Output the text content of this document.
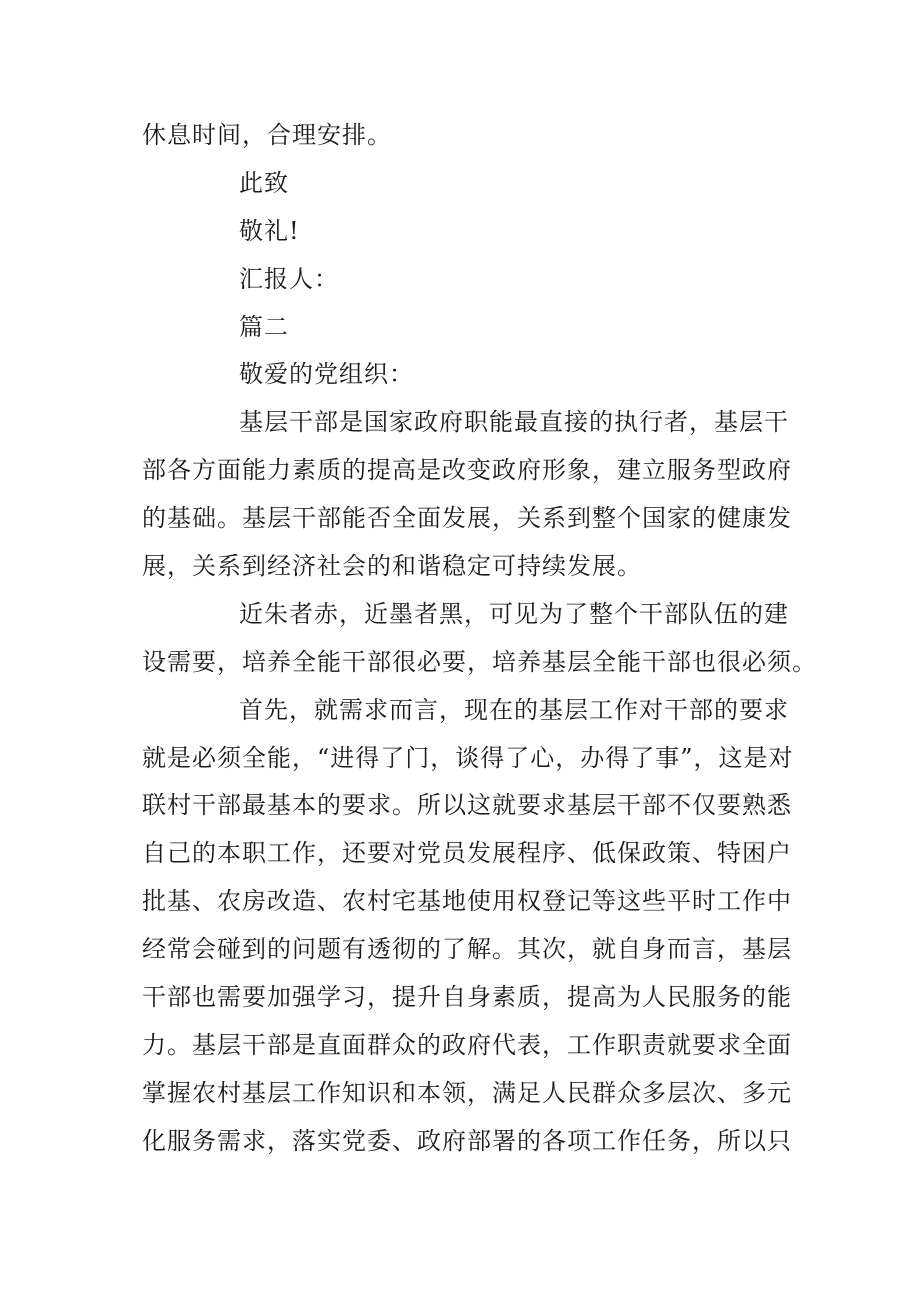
休息时间，合理安排。
此致
敬礼!
汇报人：
篇二
敬爱的党组织：
基层干部是国家政府职能最直接的执行者，基层干
部各方面能力素质的提高是改变政府形象，建立服务型政府
的基础。基层干部能否全面发展，关系到整个国家的健康发
展，关系到经济社会的和谐稳定可持续发展。
近朱者赤，近墨者黑，可见为了整个干部队伍的建
设需要，培养全能干部很必要，培养基层全能干部也很必须。
首先，就需求而言，现在的基层工作对干部的要求
就是必须全能，“进得了门，谈得了心，办得了事”，这是对
联村干部最基本的要求。所以这就要求基层干部不仅要熟悉
自己的本职工作，还要对党员发展程序、低保政策、特困户
批基、农房改造、农村宅基地使用权登记等这些平时工作中
经常会碰到的问题有透彻的了解。其次，就自身而言，基层
干部也需要加强学习，提升自身素质，提高为人民服务的能
力。基层干部是直面群众的政府代表，工作职责就要求全面
掌握农村基层工作知识和本领，满足人民群众多层次、多元
化服务需求，落实党委、政府部署的各项工作任务，所以只
